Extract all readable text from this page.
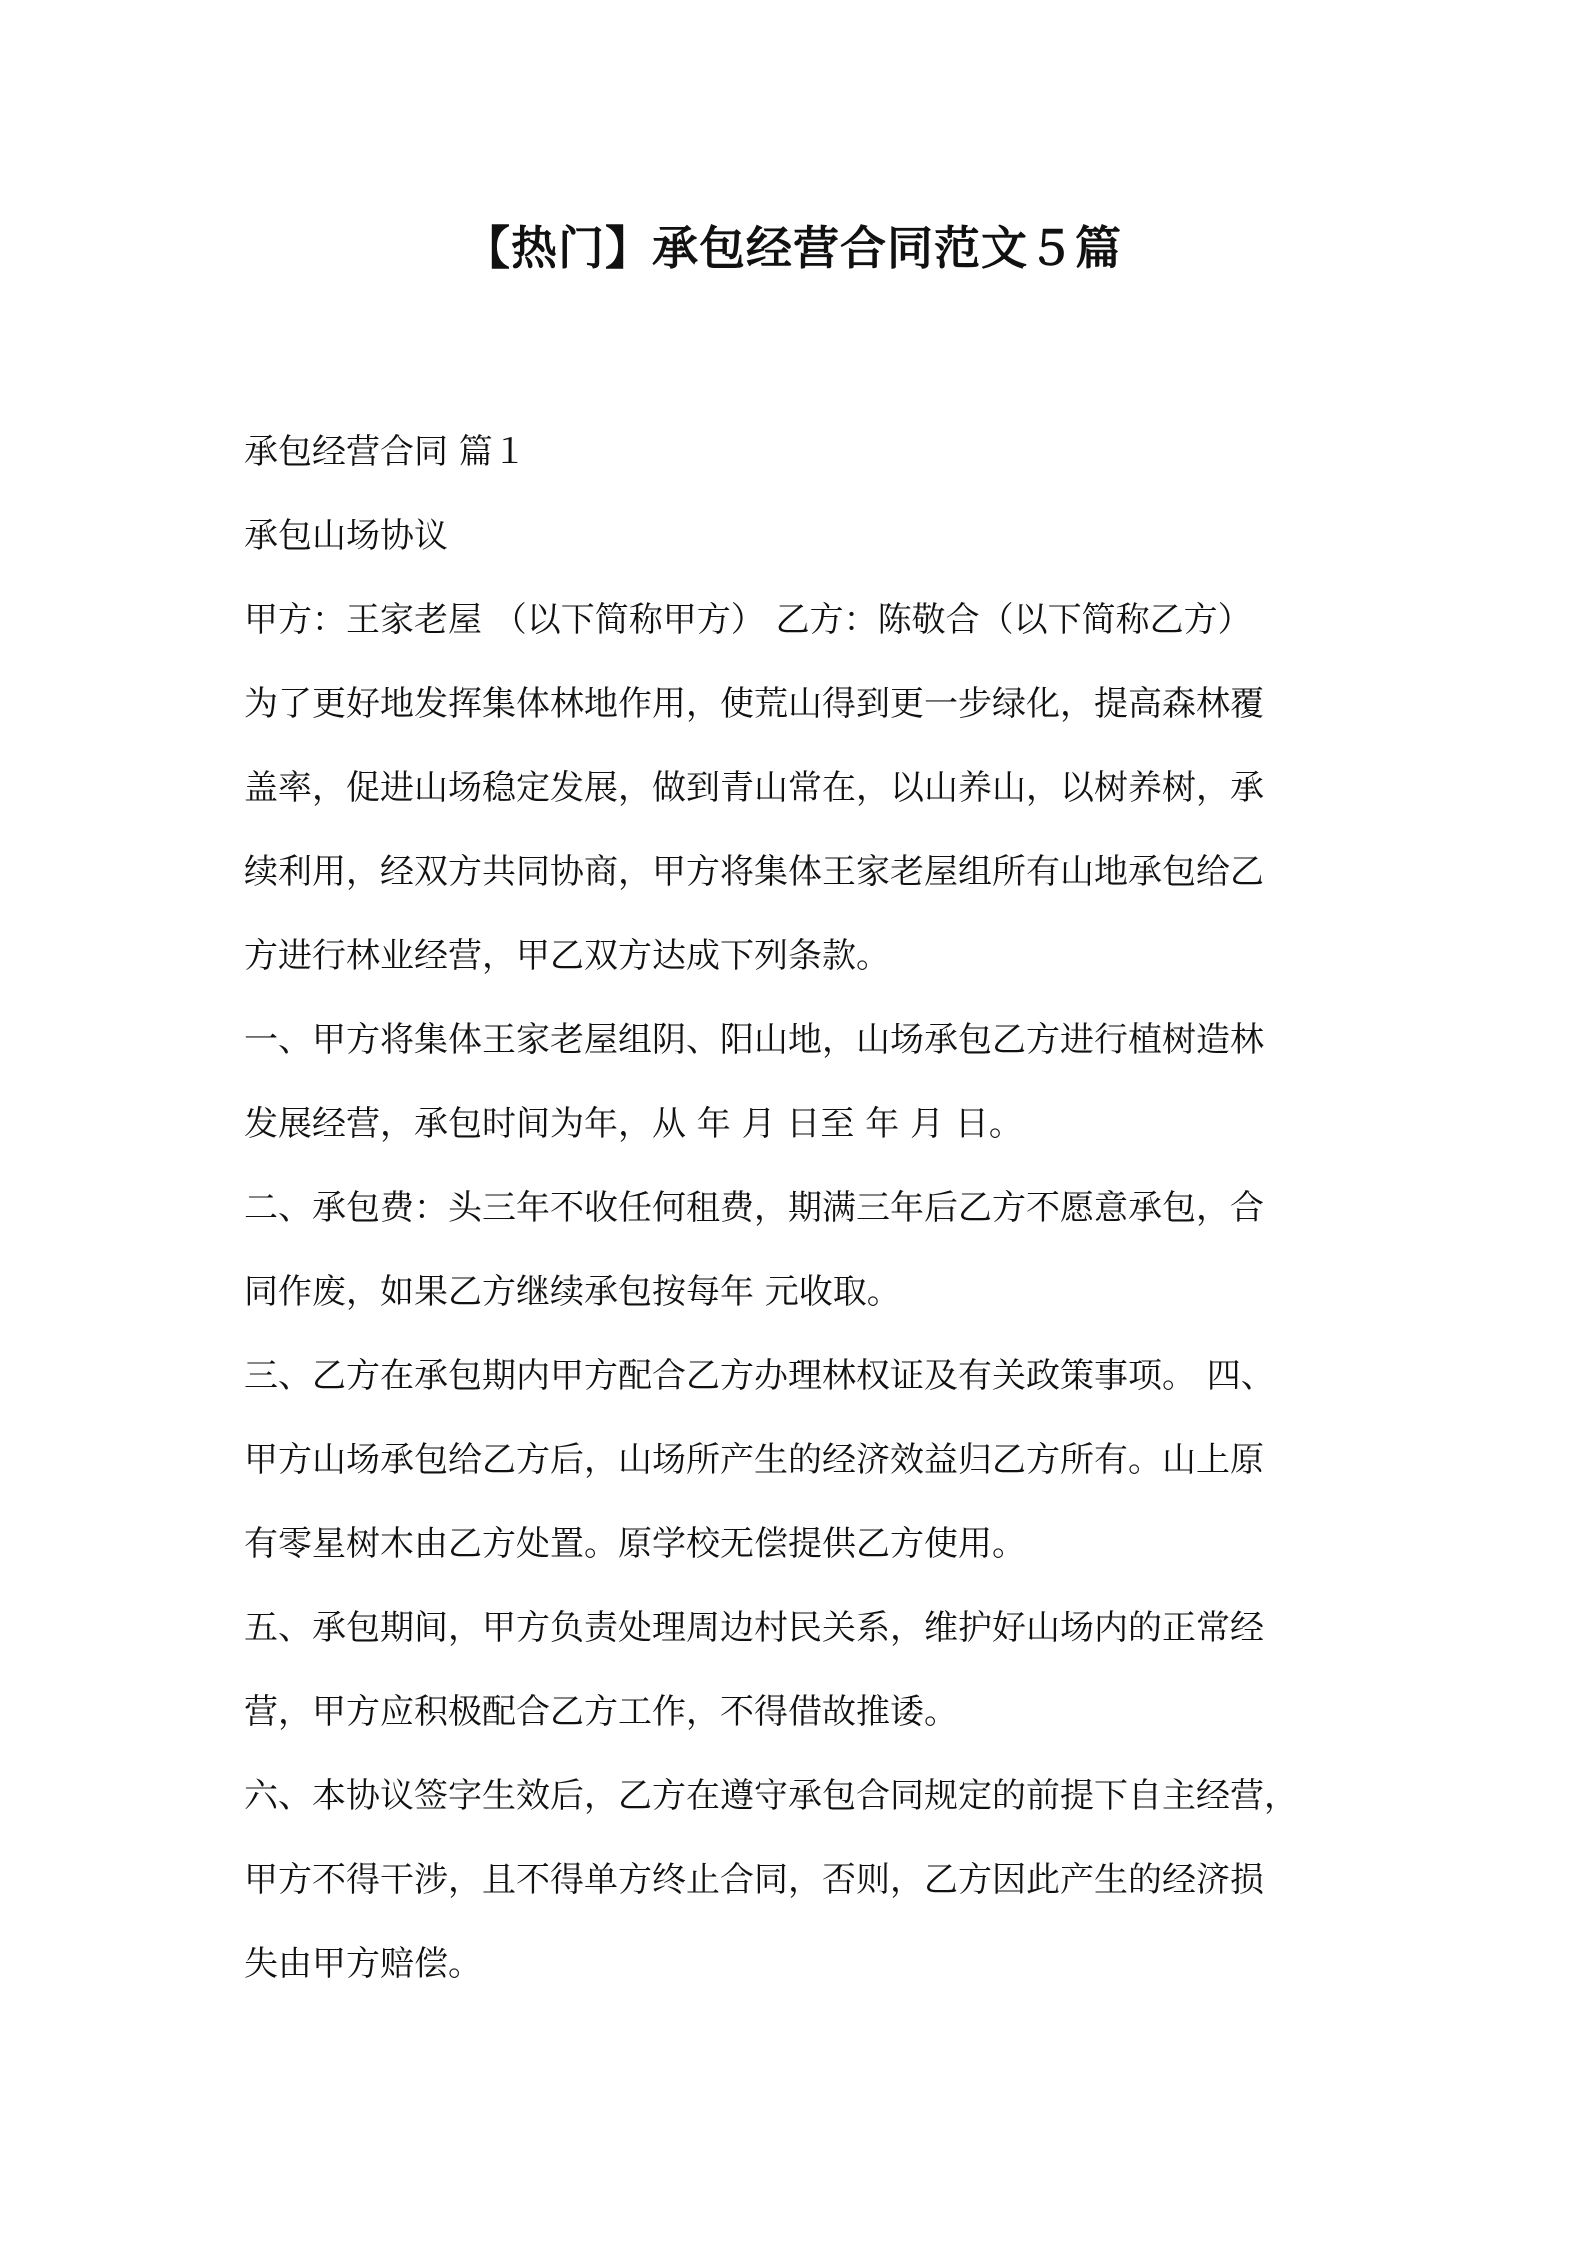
【热门】承包经营合同范文５篇
承包经营合同 篇１
承包山场协议
甲方：王家老屋 （以下简称甲方） 乙方：陈敬合（以下简称乙方）
为了更好地发挥集体林地作用，使荒山得到更一步绿化，提高森林覆
盖率，促进山场稳定发展，做到青山常在，以山养山，以树养树，承
续利用，经双方共同协商，甲方将集体王家老屋组所有山地承包给乙
方进行林业经营，甲乙双方达成下列条款。
一、甲方将集体王家老屋组阴、阳山地，山场承包乙方进行植树造林
发展经营，承包时间为年，从 年 月 日至 年 月 日。
二、承包费：头三年不收任何租费，期满三年后乙方不愿意承包，合
同作废，如果乙方继续承包按每年 元收取。
三、乙方在承包期内甲方配合乙方办理林权证及有关政策事项。 四、
甲方山场承包给乙方后，山场所产生的经济效益归乙方所有。山上原
有零星树木由乙方处置。原学校无偿提供乙方使用。
五、承包期间，甲方负责处理周边村民关系，维护好山场内的正常经
营，甲方应积极配合乙方工作，不得借故推诿。
六、本协议签字生效后，乙方在遵守承包合同规定的前提下自主经营，
甲方不得干涉，且不得单方终止合同，否则，乙方因此产生的经济损
失由甲方赔偿。
